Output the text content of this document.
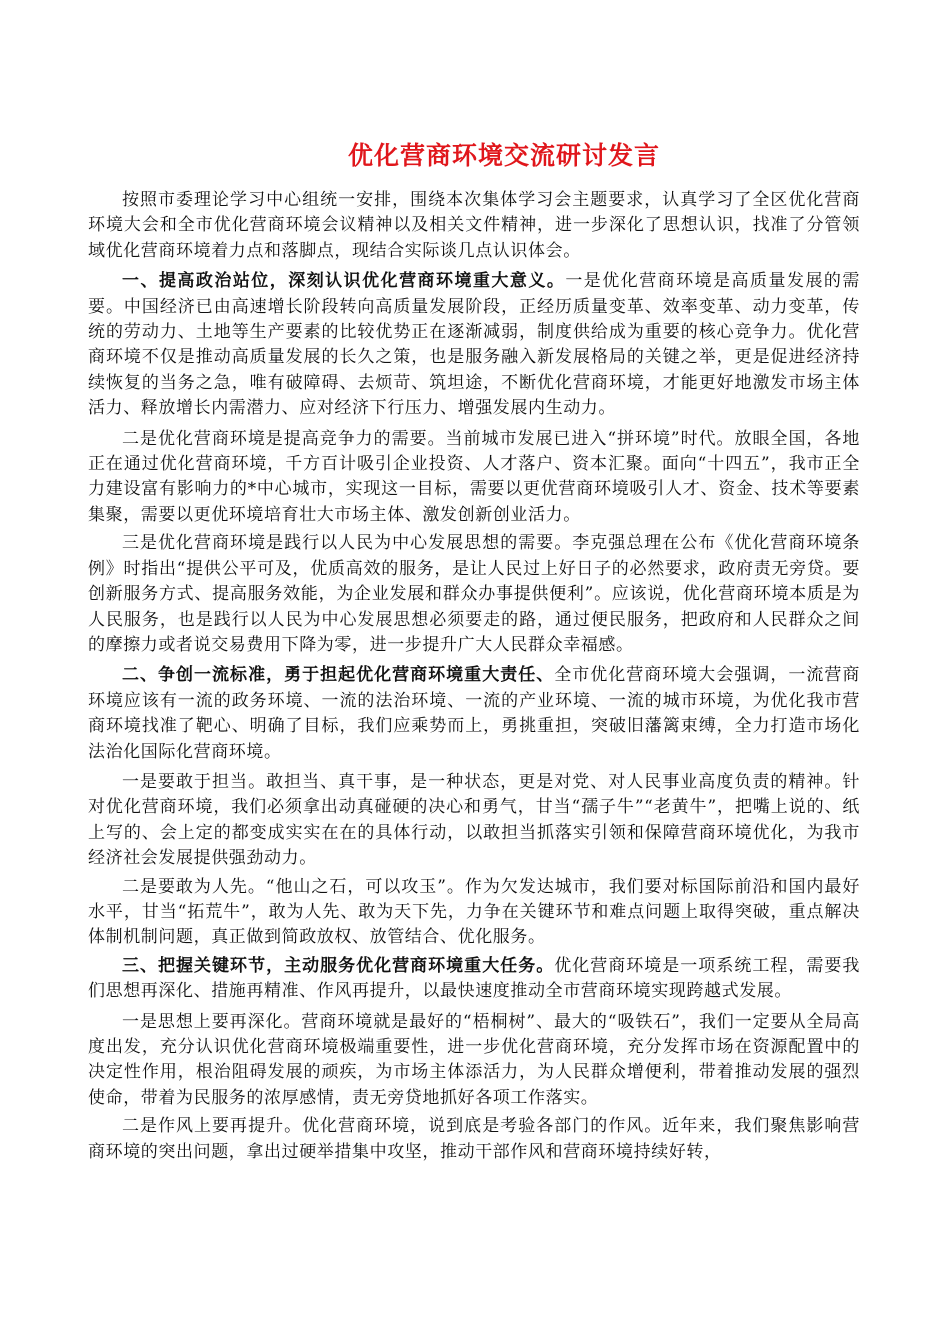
优化营商环境交流研讨发言

按照市委理论学习中心组统一安排，围绕本次集体学习会主题要求，认真学习了全区优化营商环境大会和全市优化营商环境会议精神以及相关文件精神，进一步深化了思想认识，找准了分管领域优化营商环境着力点和落脚点，现结合实际谈几点认识体会。

一、提高政治站位，深刻认识优化营商环境重大意义。一是优化营商环境是高质量发展的需要。中国经济已由高速增长阶段转向高质量发展阶段，正经历质量变革、效率变革、动力变革，传统的劳动力、土地等生产要素的比较优势正在逐渐减弱，制度供给成为重要的核心竞争力。优化营商环境不仅是推动高质量发展的长久之策，也是服务融入新发展格局的关键之举，更是促进经济持续恢复的当务之急，唯有破障碍、去烦苛、筑坦途，不断优化营商环境，才能更好地激发市场主体活力、释放增长内需潜力、应对经济下行压力、增强发展内生动力。

二是优化营商环境是提高竞争力的需要。当前城市发展已进入“拼环境”时代。放眼全国，各地正在通过优化营商环境，千方百计吸引企业投资、人才落户、资本汇聚。面向“十四五”，我市正全力建设富有影响力的*中心城市，实现这一目标，需要以更优营商环境吸引人才、资金、技术等要素集聚，需要以更优环境培育壮大市场主体、激发创新创业活力。

三是优化营商环境是践行以人民为中心发展思想的需要。李克强总理在公布《优化营商环境条例》时指出“提供公平可及，优质高效的服务，是让人民过上好日子的必然要求，政府责无旁贷。要创新服务方式、提高服务效能，为企业发展和群众办事提供便利”。应该说，优化营商环境本质是为人民服务，也是践行以人民为中心发展思想必须要走的路，通过便民服务，把政府和人民群众之间的摩擦力或者说交易费用下降为零，进一步提升广大人民群众幸福感。

二、争创一流标准，勇于担起优化营商环境重大责任、全市优化营商环境大会强调，一流营商环境应该有一流的政务环境、一流的法治环境、一流的产业环境、一流的城市环境，为优化我市营商环境找准了靶心、明确了目标，我们应乘势而上，勇挑重担，突破旧藩篱束缚，全力打造市场化法治化国际化营商环境。

一是要敢于担当。敢担当、真干事，是一种状态，更是对党、对人民事业高度负责的精神。针对优化营商环境，我们必须拿出动真碰硬的决心和勇气，甘当“孺子牛”“老黄牛”，把嘴上说的、纸上写的、会上定的都变成实实在在的具体行动，以敢担当抓落实引领和保障营商环境优化，为我市经济社会发展提供强劲动力。

二是要敢为人先。“他山之石，可以攻玉”。作为欠发达城市，我们要对标国际前沿和国内最好水平，甘当“拓荒牛”，敢为人先、敢为天下先，力争在关键环节和难点问题上取得突破，重点解决体制机制问题，真正做到简政放权、放管结合、优化服务。

三、把握关键环节，主动服务优化营商环境重大任务。优化营商环境是一项系统工程，需要我们思想再深化、措施再精准、作风再提升，以最快速度推动全市营商环境实现跨越式发展。

一是思想上要再深化。营商环境就是最好的“梧桐树”、最大的“吸铁石”，我们一定要从全局高度出发，充分认识优化营商环境极端重要性，进一步优化营商环境，充分发挥市场在资源配置中的决定性作用，根治阻碍发展的顽疾，为市场主体添活力，为人民群众增便利，带着推动发展的强烈使命，带着为民服务的浓厚感情，责无旁贷地抓好各项工作落实。

二是作风上要再提升。优化营商环境，说到底是考验各部门的作风。近年来，我们聚焦影响营商环境的突出问题，拿出过硬举措集中攻坚，推动干部作风和营商环境持续好转，
